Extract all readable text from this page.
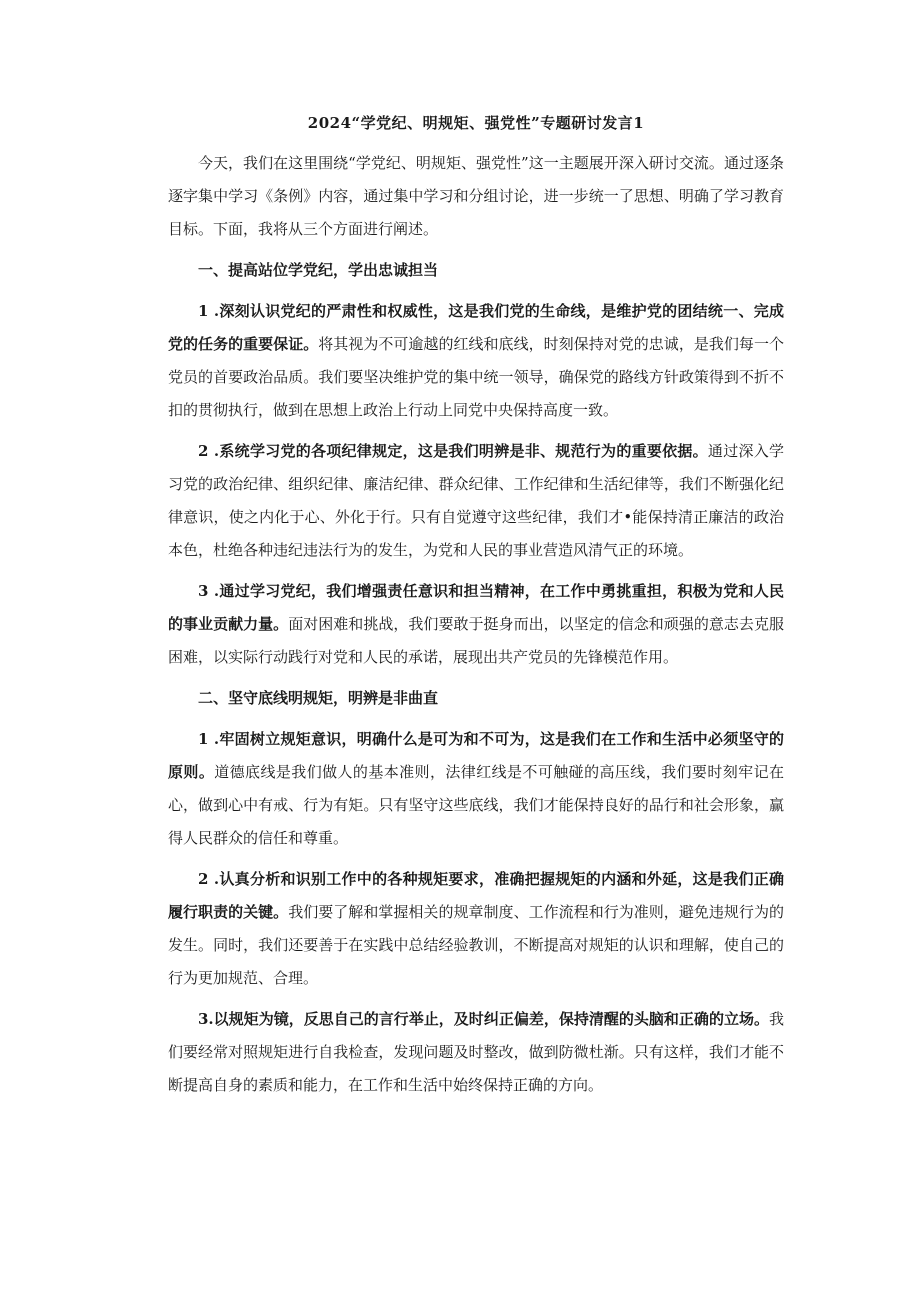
2024“学党纪、明规矩、强党性”专题研讨发言1

今天，我们在这里围绕“学党纪、明规矩、强党性”这一主题展开深入研讨交流。通过逐条逐字集中学习《条例》内容，通过集中学习和分组讨论，进一步统一了思想、明确了学习教育目标。下面，我将从三个方面进行阐述。

一、提高站位学党纪，学出忠诚担当

1 .深刻认识党纪的严肃性和权威性，这是我们党的生命线，是维护党的团结统一、完成党的任务的重要保证。将其视为不可逾越的红线和底线，时刻保持对党的忠诚，是我们每一个党员的首要政治品质。我们要坚决维护党的集中统一领导，确保党的路线方针政策得到不折不扣的贯彻执行，做到在思想上政治上行动上同党中央保持高度一致。

2 .系统学习党的各项纪律规定，这是我们明辨是非、规范行为的重要依据。通过深入学习党的政治纪律、组织纪律、廉洁纪律、群众纪律、工作纪律和生活纪律等，我们不断强化纪律意识，使之内化于心、外化于行。只有自觉遵守这些纪律，我们才•能保持清正廉洁的政治本色，杜绝各种违纪违法行为的发生，为党和人民的事业营造风清气正的环境。

3 .通过学习党纪，我们增强责任意识和担当精神，在工作中勇挑重担，积极为党和人民的事业贡献力量。面对困难和挑战，我们要敢于挺身而出，以坚定的信念和顽强的意志去克服困难，以实际行动践行对党和人民的承诺，展现出共产党员的先锋模范作用。

二、坚守底线明规矩，明辨是非曲直

1 .牢固树立规矩意识，明确什么是可为和不可为，这是我们在工作和生活中必须坚守的原则。道德底线是我们做人的基本准则，法律红线是不可触碰的高压线，我们要时刻牢记在心，做到心中有戒、行为有矩。只有坚守这些底线，我们才能保持良好的品行和社会形象，赢得人民群众的信任和尊重。

2 .认真分析和识别工作中的各种规矩要求，准确把握规矩的内涵和外延，这是我们正确履行职责的关键。我们要了解和掌握相关的规章制度、工作流程和行为准则，避免违规行为的发生。同时，我们还要善于在实践中总结经验教训，不断提高对规矩的认识和理解，使自己的行为更加规范、合理。

3.以规矩为镜，反思自己的言行举止，及时纠正偏差，保持清醒的头脑和正确的立场。我们要经常对照规矩进行自我检查，发现问题及时整改，做到防微杜渐。只有这样，我们才能不断提高自身的素质和能力，在工作和生活中始终保持正确的方向。
